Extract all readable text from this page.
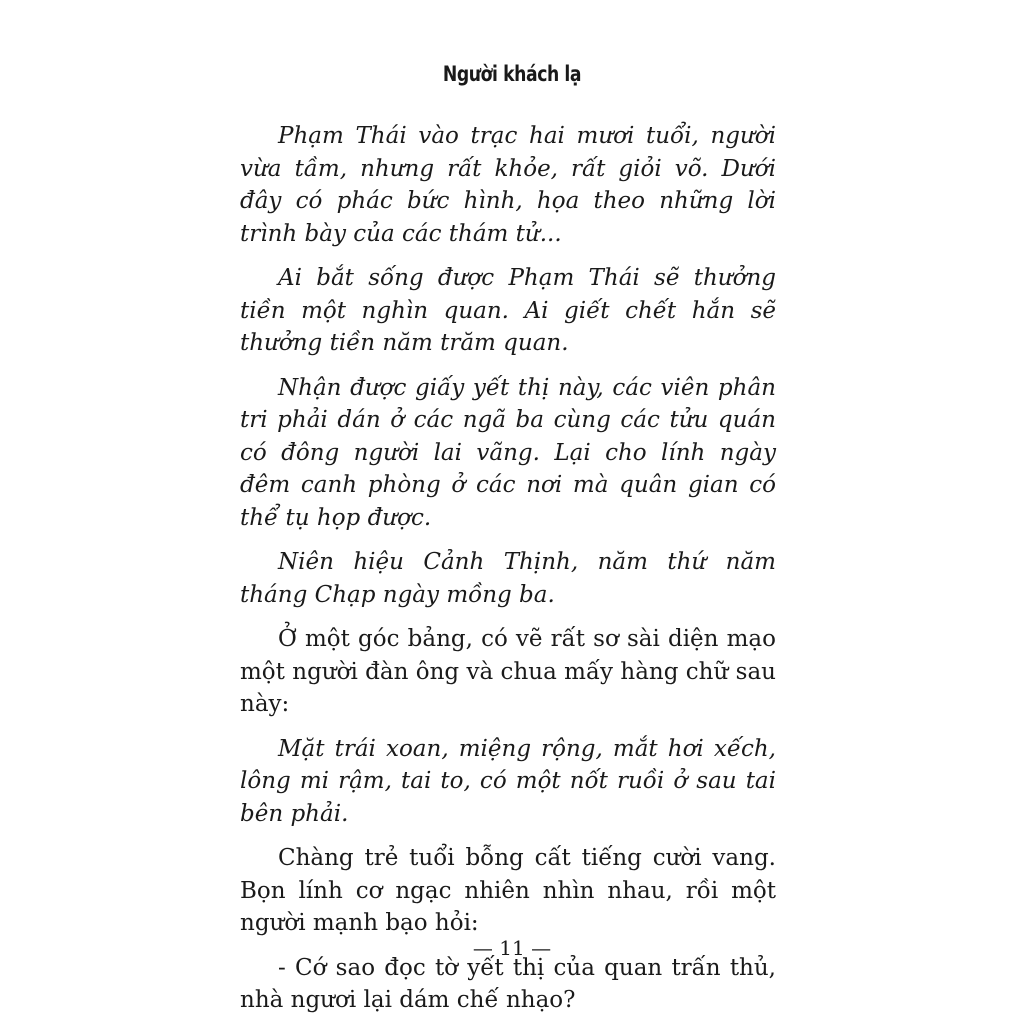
Người khách lạ

Phạm Thái vào trạc hai mươi tuổi, người vừa tầm, nhưng rất khỏe, rất giỏi võ. Dưới đây có phác bức hình, họa theo những lời trình bày của các thám tử...

Ai bắt sống được Phạm Thái sẽ thưởng tiền một nghìn quan. Ai giết chết hắn sẽ thưởng tiền năm trăm quan.

Nhận được giấy yết thị này, các viên phân tri phải dán ở các ngã ba cùng các tửu quán có đông người lai vãng. Lại cho lính ngày đêm canh phòng ở các nơi mà quân gian có thể tụ họp được.

Niên hiệu Cảnh Thịnh, năm thứ năm tháng Chạp ngày mồng ba.

Ở một góc bảng, có vẽ rất sơ sài diện mạo một người đàn ông và chua mấy hàng chữ sau này:

Mặt trái xoan, miệng rộng, mắt hơi xếch, lông mi rậm, tai to, có một nốt ruồi ở sau tai bên phải.

Chàng trẻ tuổi bỗng cất tiếng cười vang. Bọn lính cơ ngạc nhiên nhìn nhau, rồi một người mạnh bạo hỏi:

- Cớ sao đọc tờ yết thị của quan trấn thủ, nhà ngươi lại dám chế nhạo?

— 11 —
